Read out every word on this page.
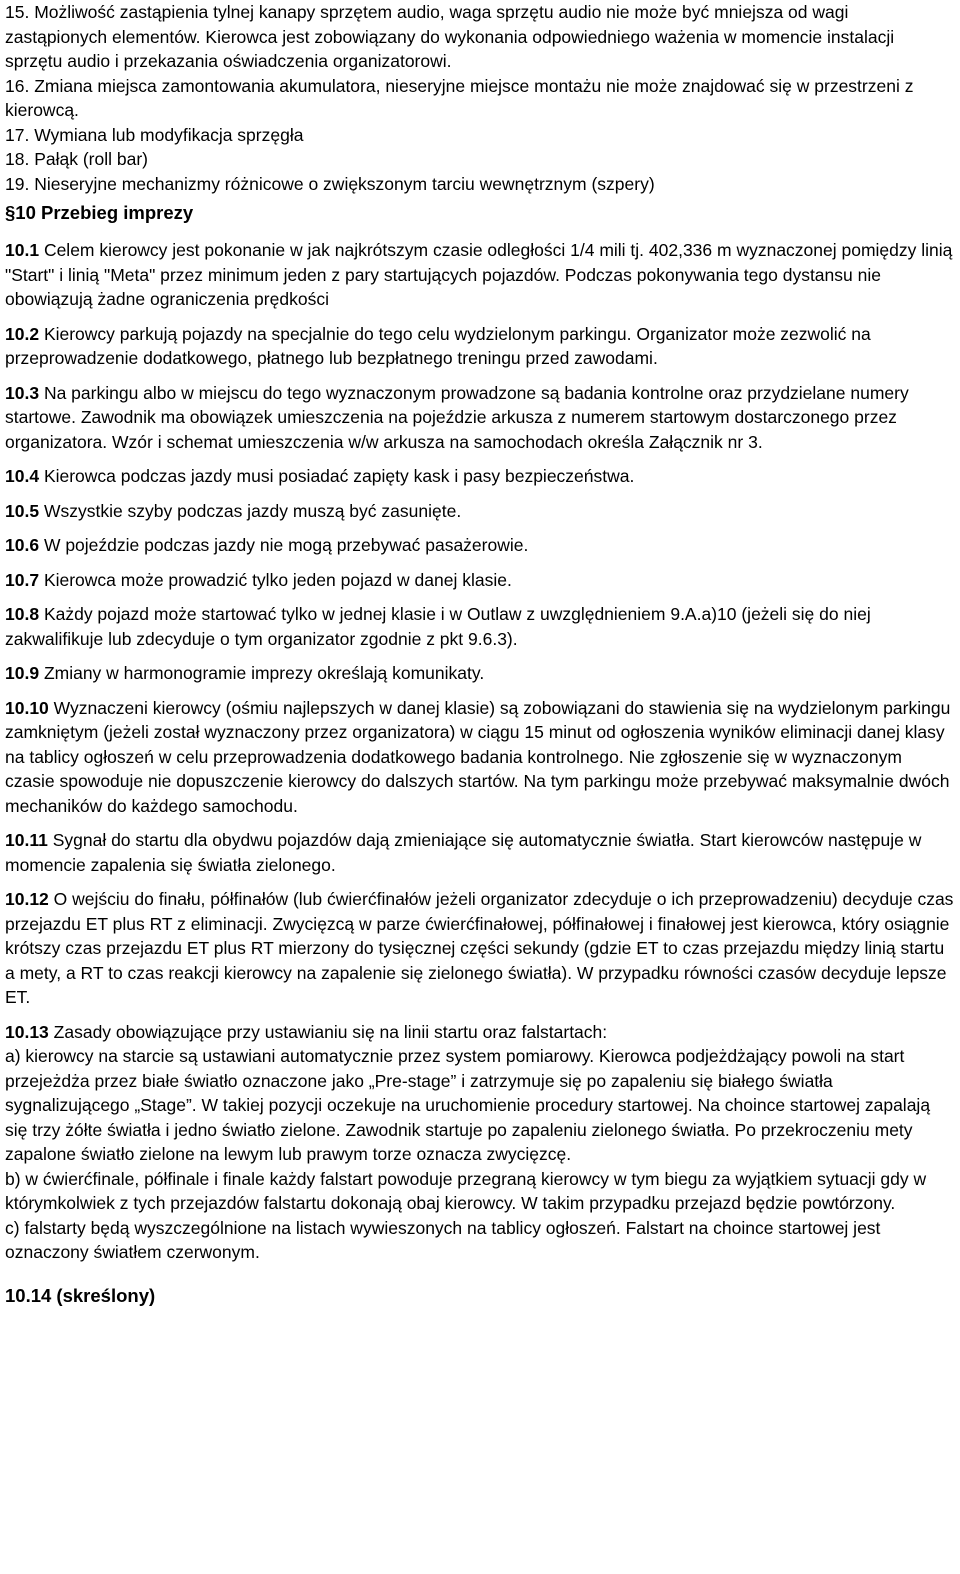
15. Możliwość zastąpienia tylnej kanapy sprzętem audio, waga sprzętu audio nie może być mniejsza od wagi zastąpionych elementów. Kierowca jest zobowiązany do wykonania odpowiedniego ważenia w momencie instalacji sprzętu audio i przekazania oświadczenia organizatorowi.

16. Zmiana miejsca zamontowania akumulatora, nieseryjne miejsce montażu nie może znajdować się w przestrzeni z kierowcą.

17. Wymiana lub modyfikacja sprzęgła

18. Pałąk (roll bar)

19. Nieseryjne mechanizmy różnicowe o zwiększonym tarciu wewnętrznym (szpery)

§10 Przebieg imprezy

10.1 Celem kierowcy jest pokonanie w jak najkrótszym czasie odległości 1/4 mili tj. 402,336 m wyznaczonej pomiędzy linią "Start" i linią "Meta" przez minimum jeden z pary startujących pojazdów. Podczas pokonywania tego dystansu nie obowiązują żadne ograniczenia prędkości

10.2 Kierowcy parkują pojazdy na specjalnie do tego celu wydzielonym parkingu. Organizator może zezwolić na przeprowadzenie dodatkowego, płatnego lub bezpłatnego treningu przed zawodami.

10.3 Na parkingu albo w miejscu do tego wyznaczonym prowadzone są badania kontrolne oraz przydzielane numery startowe. Zawodnik ma obowiązek umieszczenia na pojeździe arkusza z numerem startowym dostarczonego przez organizatora. Wzór i schemat umieszczenia w/w arkusza na samochodach określa Załącznik nr 3.

10.4 Kierowca podczas jazdy musi posiadać zapięty kask i pasy bezpieczeństwa.

10.5 Wszystkie szyby podczas jazdy muszą być zasunięte.

10.6 W pojeździe podczas jazdy nie mogą przebywać pasażerowie.

10.7 Kierowca może prowadzić tylko jeden pojazd w danej klasie.

10.8 Każdy pojazd może startować tylko w jednej klasie i w Outlaw z uwzględnieniem 9.A.a)10 (jeżeli się do niej zakwalifikuje lub zdecyduje o tym organizator zgodnie z pkt 9.6.3).

10.9 Zmiany w harmonogramie imprezy określają komunikaty.

10.10 Wyznaczeni kierowcy (ośmiu najlepszych w danej klasie) są zobowiązani do stawienia się na wydzielonym parkingu zamkniętym (jeżeli został wyznaczony przez organizatora) w ciągu 15 minut od ogłoszenia wyników eliminacji danej klasy na tablicy ogłoszeń w celu przeprowadzenia dodatkowego badania kontrolnego. Nie zgłoszenie się w wyznaczonym czasie spowoduje nie dopuszczenie kierowcy do dalszych startów. Na tym parkingu może przebywać maksymalnie dwóch mechaników do każdego samochodu.

10.11 Sygnał do startu dla obydwu pojazdów dają zmieniające się automatycznie światła. Start kierowców następuje w momencie zapalenia się światła zielonego.

10.12 O wejściu do finału, półfinałów (lub ćwierćfinałów jeżeli organizator zdecyduje o ich przeprowadzeniu) decyduje czas przejazdu ET plus RT z eliminacji. Zwycięzcą w parze ćwierćfinałowej, półfinałowej i finałowej jest kierowca, który osiągnie krótszy czas przejazdu ET plus RT mierzony do tysięcznej części sekundy (gdzie ET to czas przejazdu między linią startu a mety, a RT to czas reakcji kierowcy na zapalenie się zielonego światła). W przypadku równości czasów decyduje lepsze ET.

10.13 Zasady obowiązujące przy ustawianiu się na linii startu oraz falstartach:
a) kierowcy na starcie są ustawiani automatycznie przez system pomiarowy. Kierowca podjeżdżający powoli na start przejeżdża przez białe światło oznaczone jako „Pre-stage” i zatrzymuje się po zapaleniu się białego światła sygnalizującego „Stage”. W takiej pozycji oczekuje na uruchomienie procedury startowej. Na choince startowej zapalają się trzy żółte światła i jedno światło zielone. Zawodnik startuje po zapaleniu zielonego światła. Po przekroczeniu mety zapalone światło zielone na lewym lub prawym torze oznacza zwycięzcę.
b) w ćwierćfinale, półfinale i finale każdy falstart powoduje przegraną kierowcy w tym biegu za wyjątkiem sytuacji gdy w którymkolwiek z tych przejazdów falstartu dokonają obaj kierowcy. W takim przypadku przejazd będzie powtórzony.
c) falstarty będą wyszczególnione na listach wywieszonych na tablicy ogłoszeń. Falstart na choince startowej jest oznaczony światłem czerwonym.

10.14 (skreślony)
